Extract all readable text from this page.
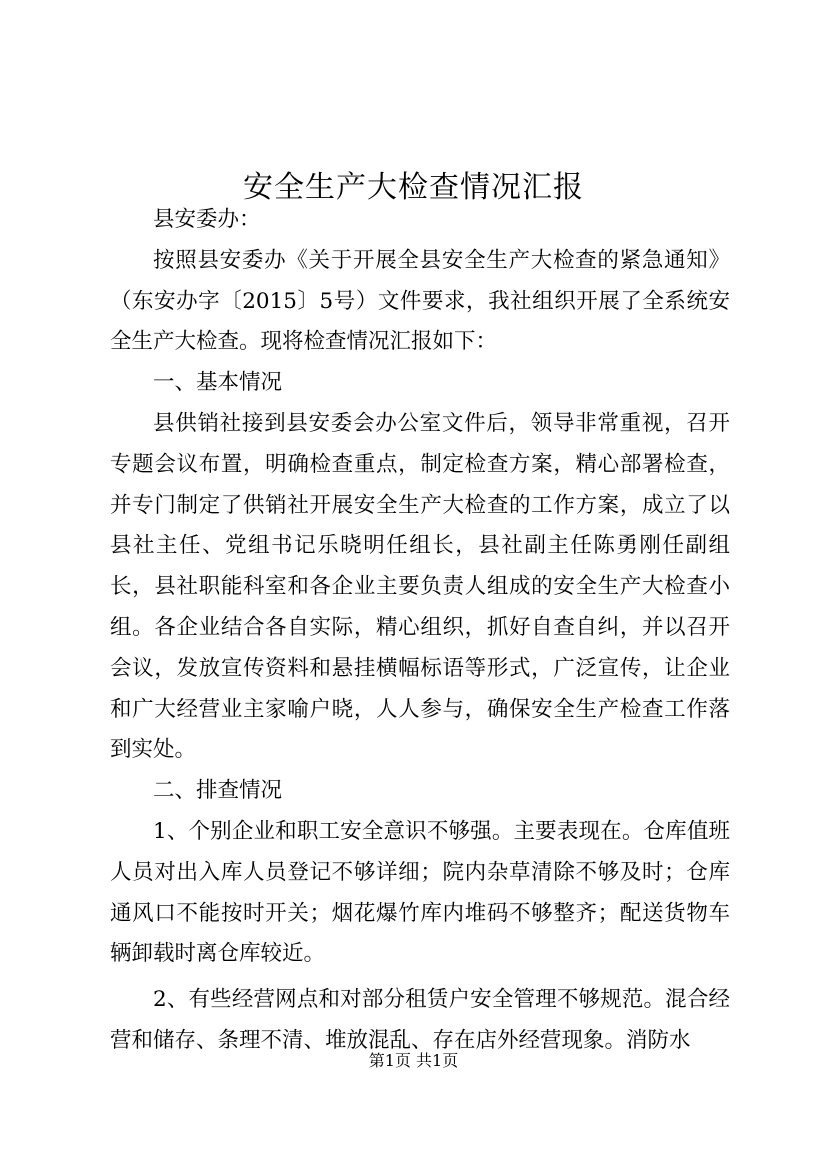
安全生产大检查情况汇报

县安委办：

按照县安委办《关于开展全县安全生产大检查的紧急通知》（东安办字〔2015〕5号）文件要求，我社组织开展了全系统安全生产大检查。现将检查情况汇报如下：

一、基本情况

县供销社接到县安委会办公室文件后，领导非常重视，召开专题会议布置，明确检查重点，制定检查方案，精心部署检查，并专门制定了供销社开展安全生产大检查的工作方案，成立了以县社主任、党组书记乐晓明任组长，县社副主任陈勇刚任副组长，县社职能科室和各企业主要负责人组成的安全生产大检查小组。各企业结合各自实际，精心组织，抓好自查自纠，并以召开会议，发放宣传资料和悬挂横幅标语等形式，广泛宣传，让企业和广大经营业主家喻户晓，人人参与，确保安全生产检查工作落到实处。

二、排查情况

1、个别企业和职工安全意识不够强。主要表现在。仓库值班人员对出入库人员登记不够详细；院内杂草清除不够及时；仓库通风口不能按时开关；烟花爆竹库内堆码不够整齐；配送货物车辆卸载时离仓库较近。

2、有些经营网点和对部分租赁户安全管理不够规范。混合经营和储存、条理不清、堆放混乱、存在店外经营现象。消防水

第1页 共1页
